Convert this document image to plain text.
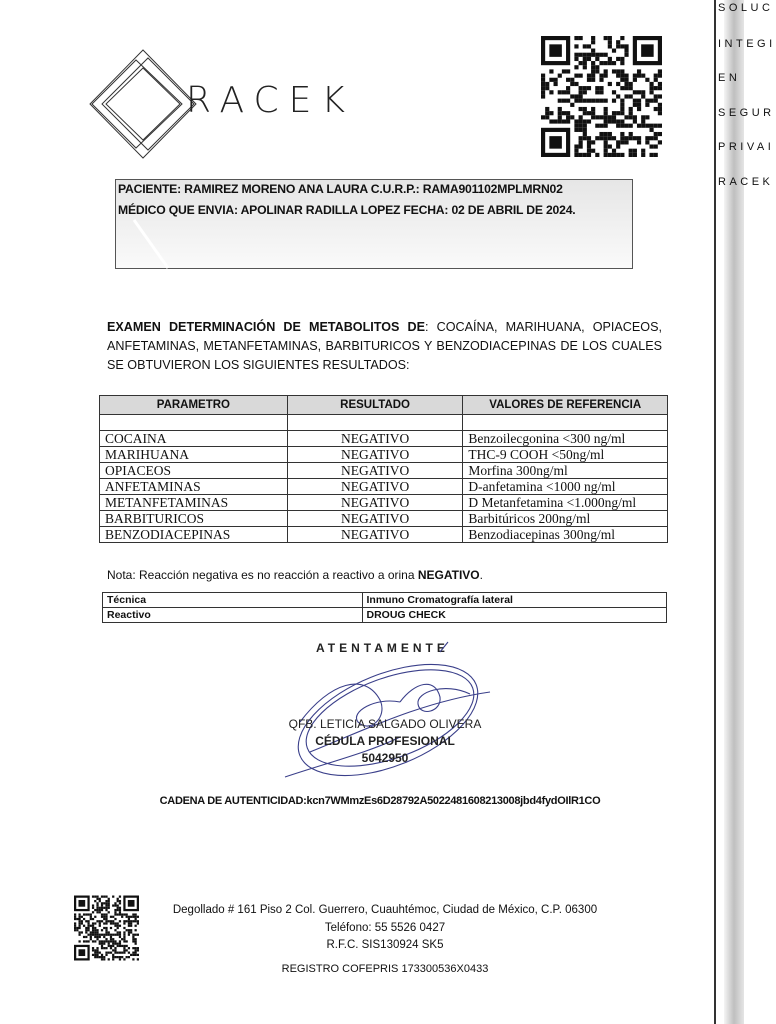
RACEK
SOLUC
INTEGI
EN
SEGUR
PRIVAI
RACEK
PACIENTE: RAMIREZ MORENO ANA LAURA C.U.R.P.: RAMA901102MPLMRN02
MÉDICO QUE ENVIA: APOLINAR RADILLA LOPEZ FECHA: 02 DE ABRIL DE 2024.
EXAMEN DETERMINACIÓN DE METABOLITOS DE: COCAÍNA, MARIHUANA, OPIACEOS, ANFETAMINAS, METANFETAMINAS, BARBITURICOS Y BENZODIACEPINAS DE LOS CUALES SE OBTUVIERON LOS SIGUIENTES RESULTADOS:
PARAMETRO	RESULTADO	VALORES DE REFERENCIA

COCAINA	NEGATIVO	Benzoilecgonina <300 ng/ml
MARIHUANA	NEGATIVO	THC-9 COOH <50ng/ml
OPIACEOS	NEGATIVO	Morfina 300ng/ml
ANFETAMINAS	NEGATIVO	D-anfetamina <1000 ng/ml
METANFETAMINAS	NEGATIVO	D Metanfetamina <1.000ng/ml
BARBITURICOS	NEGATIVO	Barbitúricos 200ng/ml
BENZODIACEPINAS	NEGATIVO	Benzodiacepinas 300ng/ml
Nota: Reacción negativa es no reacción a reactivo a orina NEGATIVO.
Técnica	Inmuno Cromatografía lateral
Reactivo	DROUG CHECK
ATENTAMENTE
QFB. LETICIA SALGADO OLIVERA
CÉDULA PROFESIONAL
5042950
CADENA DE AUTENTICIDAD:kcn7WMmzEs6D28792A5022481608213008jbd4fydOIlR1CO
Degollado # 161 Piso 2 Col. Guerrero, Cuauhtémoc, Ciudad de México, C.P. 06300
Teléfono: 55 5526 0427
R.F.C. SIS130924 SK5
REGISTRO COFEPRIS 173300536X0433
